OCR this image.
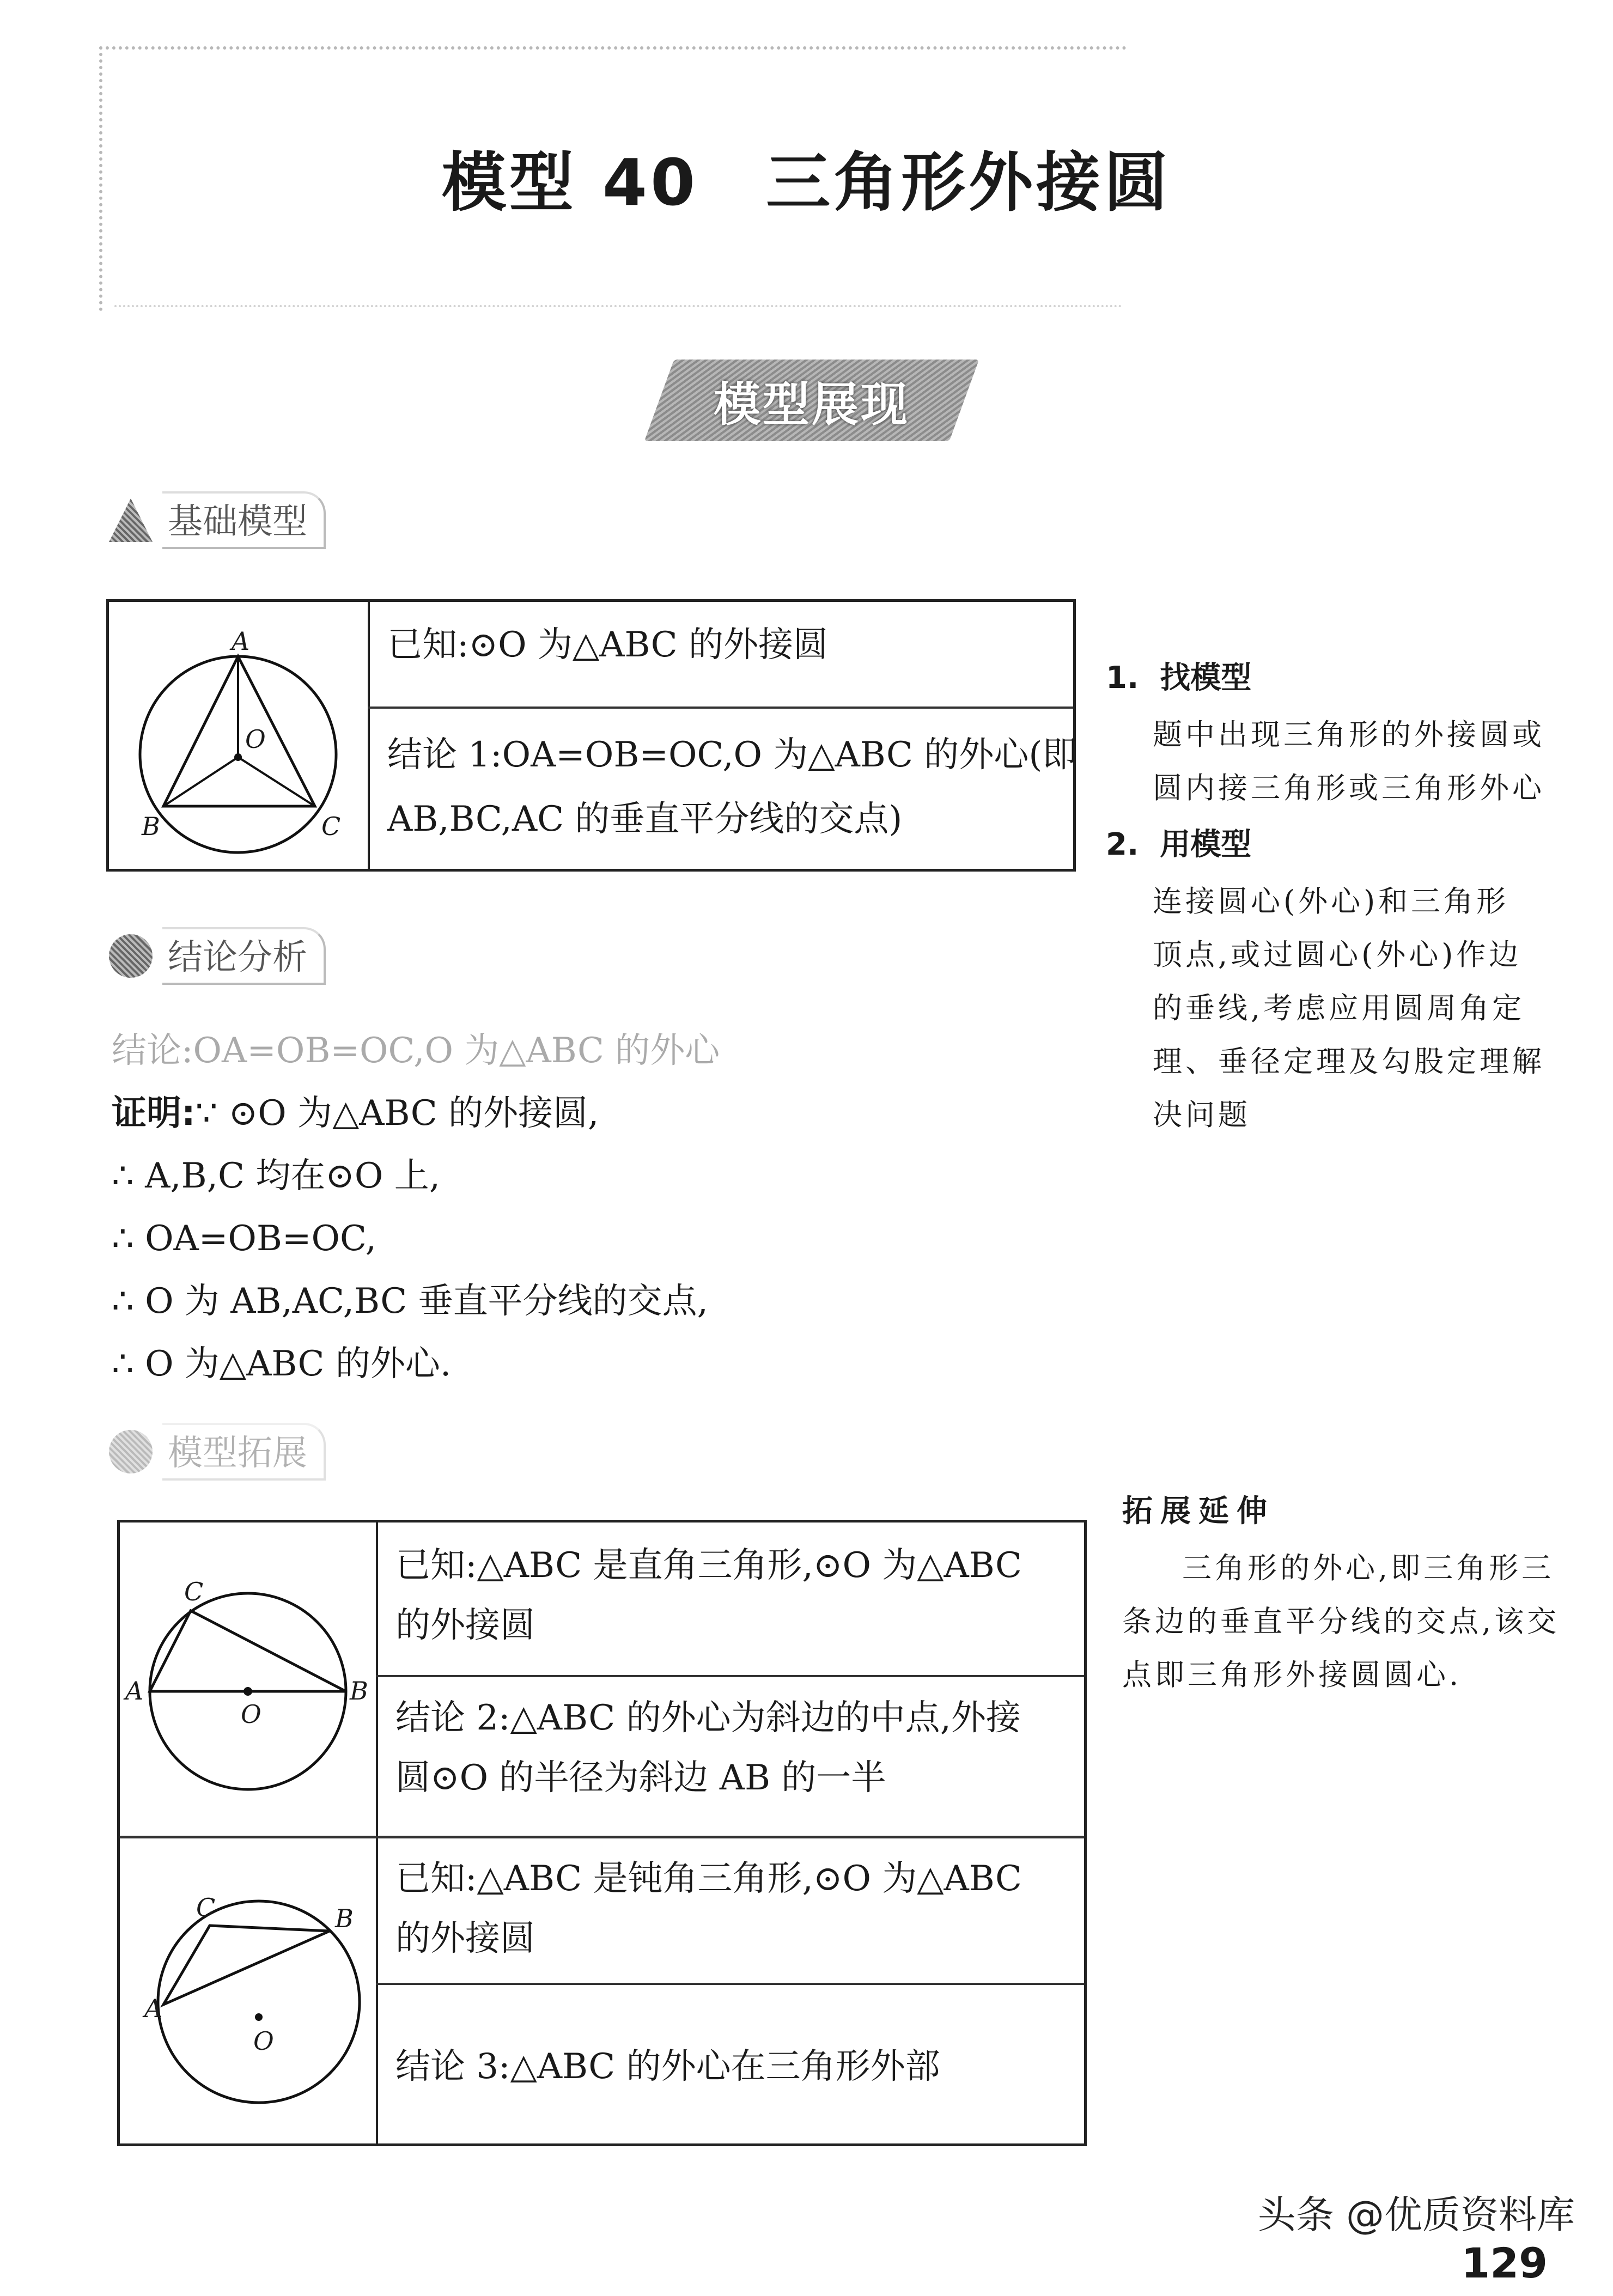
模型 40　三角形外接圆
模型展现
基础模型
A
B	C
O
已知:⊙O 为△ABC 的外接圆
结论 1:OA=OB=OC,O 为△ABC 的外心(即
AB,BC,AC 的垂直平分线的交点)
结论分析
结论:OA=OB=OC,O 为△ABC 的外心
证明:∵ ⊙O 为△ABC 的外接圆,
∴ A,B,C 均在⊙O 上,
∴ OA=OB=OC,
∴ O 为 AB,AC,BC 垂直平分线的交点,
∴ O 为△ABC 的外心.
1. 找模型
题中出现三角形的外接圆或
圆内接三角形或三角形外心
2. 用模型
连接圆心(外心)和三角形
顶点,或过圆心(外心)作边
的垂线,考虑应用圆周角定
理、垂径定理及勾股定理解
决问题
模型拓展
A	B
C
O
A
B
C
O
已知:△ABC 是直角三角形,⊙O 为△ABC
的外接圆
结论 2:△ABC 的外心为斜边的中点,外接
圆⊙O 的半径为斜边 AB 的一半
已知:△ABC 是钝角三角形,⊙O 为△ABC
的外接圆
结论 3:△ABC 的外心在三角形外部
拓展延伸
三角形的外心,即三角形三
条边的垂直平分线的交点,该交
点即三角形外接圆圆心.
头条 @优质资料库
129
